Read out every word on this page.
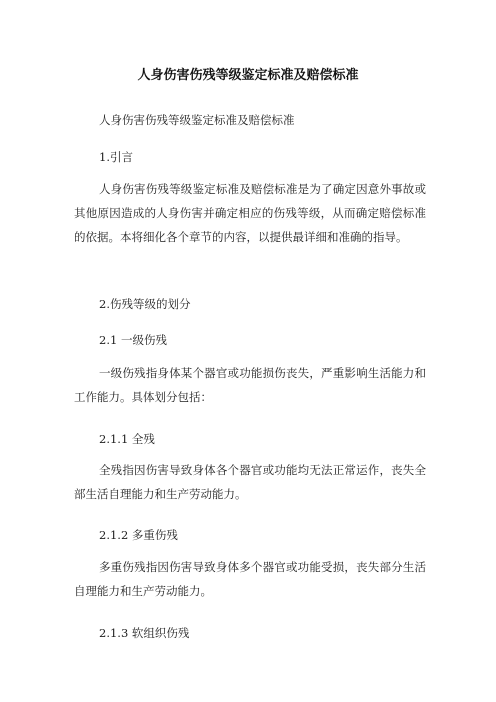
人身伤害伤残等级鉴定标准及赔偿标准
人身伤害伤残等级鉴定标准及赔偿标准
1.引言
人身伤害伤残等级鉴定标准及赔偿标准是为了确定因意外事故或其他原因造成的人身伤害并确定相应的伤残等级，从而确定赔偿标准的依据。本将细化各个章节的内容，以提供最详细和准确的指导。
2.伤残等级的划分
2.1 一级伤残
一级伤残指身体某个器官或功能损伤丧失，严重影响生活能力和工作能力。具体划分包括：
2.1.1 全残
全残指因伤害导致身体各个器官或功能均无法正常运作，丧失全部生活自理能力和生产劳动能力。
2.1.2 多重伤残
多重伤残指因伤害导致身体多个器官或功能受损，丧失部分生活自理能力和生产劳动能力。
2.1.3 软组织伤残
